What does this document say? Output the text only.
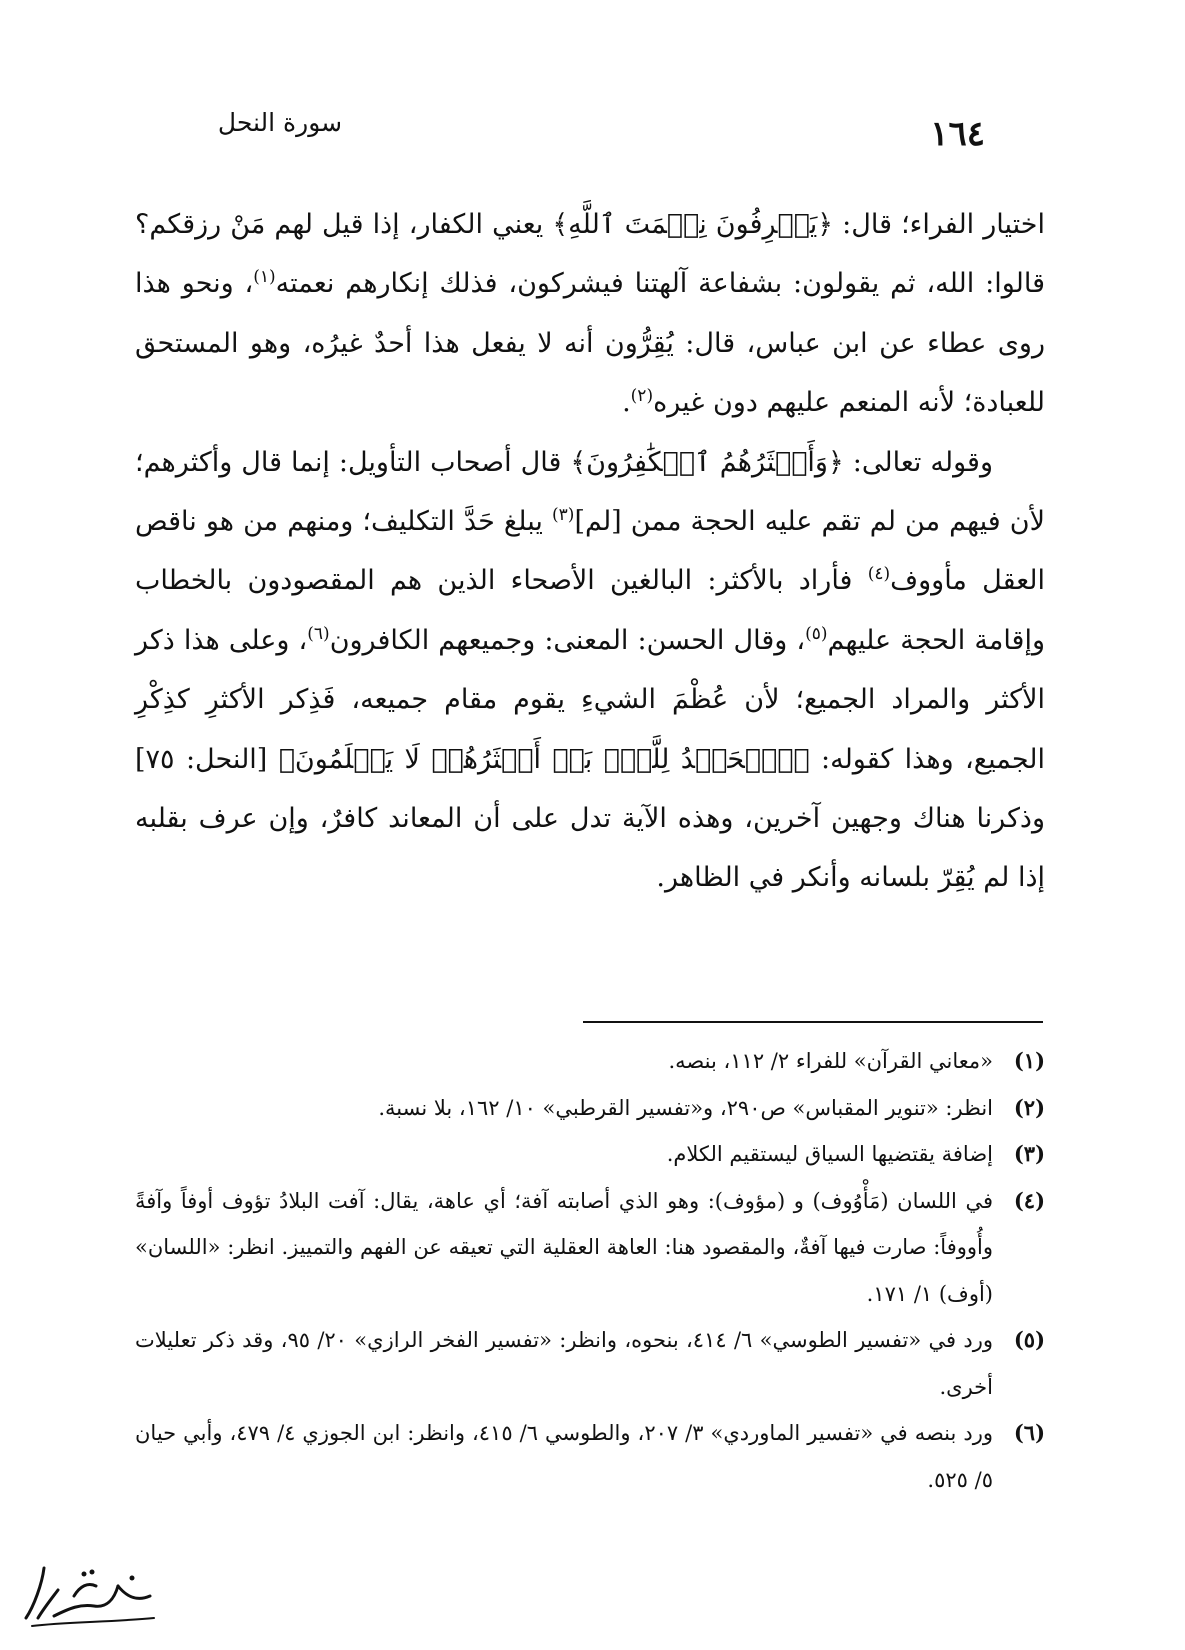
سورة النحل	١٦٤

اختيار الفراء؛ قال: ﴿يَعۡرِفُونَ نِعۡمَتَ ٱللَّهِ﴾ يعني الكفار، إذا قيل لهم مَنْ رزقكم؟ قالوا: الله، ثم يقولون: بشفاعة آلهتنا فيشركون، فذلك إنكارهم نعمته$^{(١)}$، ونحو هذا روى عطاء عن ابن عباس، قال: يُقِرُّون أنه لا يفعل هذا أحدٌ غيرُه، وهو المستحق للعبادة؛ لأنه المنعم عليهم دون غيره$^{(٢)}$.

وقوله تعالى: ﴿وَأَكۡثَرُهُمُ ٱلۡكَٰفِرُونَ﴾ قال أصحاب التأويل: إنما قال وأكثرهم؛ لأن فيهم من لم تقم عليه الحجة ممن [لم]$^{(٣)}$ يبلغ حَدَّ التكليف؛ ومنهم من هو ناقص العقل مأووف$^{(٤)}$ فأراد بالأكثر: البالغين الأصحاء الذين هم المقصودون بالخطاب وإقامة الحجة عليهم$^{(٥)}$، وقال الحسن: المعنى: وجميعهم الكافرون$^{(٦)}$، وعلى هذا ذكر الأكثر والمراد الجميع؛ لأن عُظْمَ الشيءِ يقوم مقام جميعه، فَذِكر الأكثرِ كذِكْرِ الجميع، وهذا كقوله: ﴿ٱلۡحَمۡدُ لِلَّهِۚ بَلۡ أَكۡثَرُهُمۡ لَا يَعۡلَمُونَ﴾ [النحل: ٧٥] وذكرنا هناك وجهين آخرين، وهذه الآية تدل على أن المعاند كافرٌ، وإن عرف بقلبه إذا لم يُقِرّ بلسانه وأنكر في الظاهر.

(١)
«معاني القرآن» للفراء ٢/ ١١٢، بنصه.
(٢)
انظر: «تنوير المقباس» ص٢٩٠، و«تفسير القرطبي» ١٠/ ١٦٢، بلا نسبة.
(٣)
إضافة يقتضيها السياق ليستقيم الكلام.
(٤)
في اللسان (مَأْوُوف) و (مؤوف): وهو الذي أصابته آفة؛ أي عاهة، يقال: آفت البلادُ تؤوف أوفاً وآفةً وأُووفاً: صارت فيها آفةٌ، والمقصود هنا: العاهة العقلية التي تعيقه عن الفهم والتمييز. انظر: «اللسان» (أوف) ١/ ١٧١.
(٥)
ورد في «تفسير الطوسي» ٦/ ٤١٤، بنحوه، وانظر: «تفسير الفخر الرازي» ٢٠/ ٩٥، وقد ذكر تعليلات أخرى.
(٦)
ورد بنصه في «تفسير الماوردي» ٣/ ٢٠٧، والطوسي ٦/ ٤١٥، وانظر: ابن الجوزي ٤/ ٤٧٩، وأبي حيان ٥/ ٥٢٥.
